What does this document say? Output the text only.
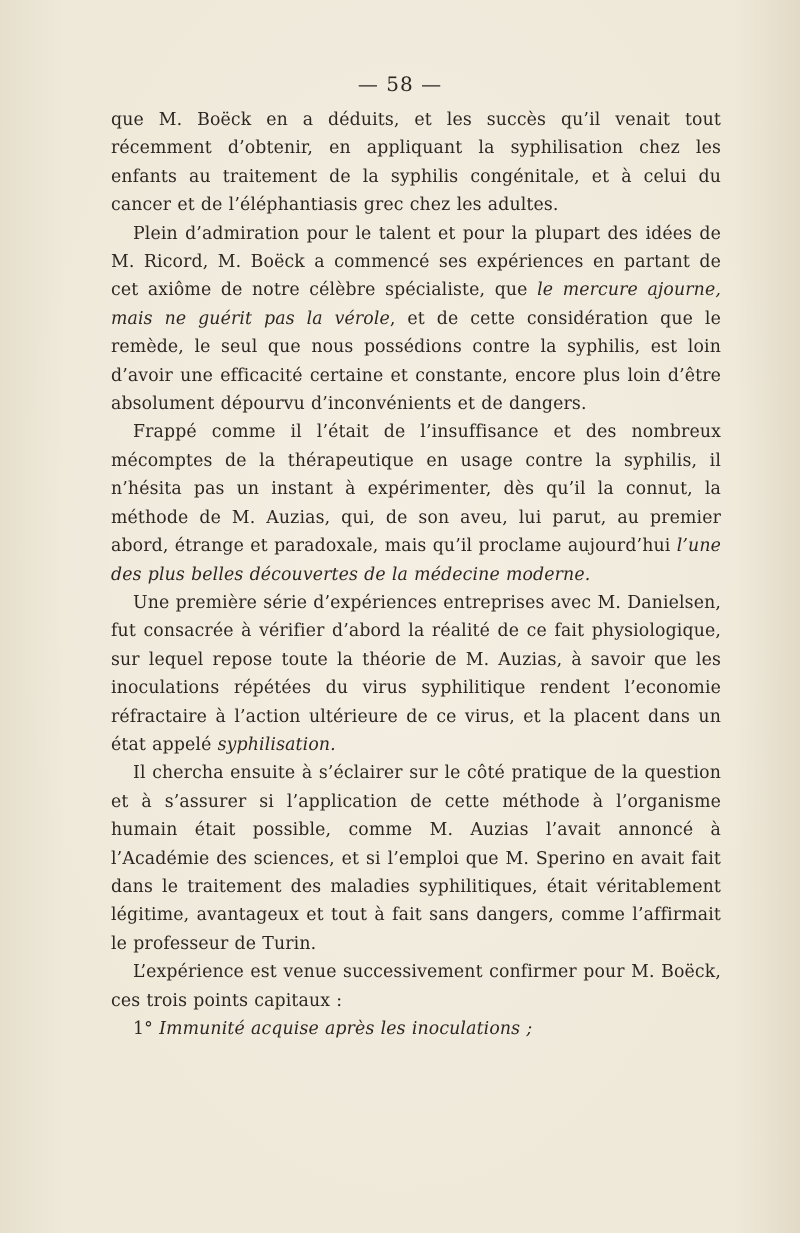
— 58 —

que M. Boëck en a déduits, et les succès qu’il venait tout récemment d’obtenir, en appliquant la syphilisation chez les enfants au traitement de la syphilis congénitale, et à celui du cancer et de l’éléphantiasis grec chez les adultes.

Plein d’admiration pour le talent et pour la plupart des idées de M. Ricord, M. Boëck a commencé ses expériences en partant de cet axiôme de notre célèbre spécialiste, que le mercure ajourne, mais ne guérit pas la vérole, et de cette considération que le remède, le seul que nous possédions contre la syphilis, est loin d’avoir une efficacité certaine et constante, encore plus loin d’être absolument dépourvu d’inconvénients et de dangers.

Frappé comme il l’était de l’insuffisance et des nombreux mécomptes de la thérapeutique en usage contre la syphilis, il n’hésita pas un instant à expérimenter, dès qu’il la connut, la méthode de M. Auzias, qui, de son aveu, lui parut, au premier abord, étrange et paradoxale, mais qu’il proclame aujourd’hui l’une des plus belles découvertes de la médecine moderne.

Une première série d’expériences entreprises avec M. Danielsen, fut consacrée à vérifier d’abord la réalité de ce fait physiologique, sur lequel repose toute la théorie de M. Auzias, à savoir que les inoculations répétées du virus syphilitique rendent l’economie réfractaire à l’action ultérieure de ce virus, et la placent dans un état appelé syphilisation.

Il chercha ensuite à s’éclairer sur le côté pratique de la question et à s’assurer si l’application de cette méthode à l’organisme humain était possible, comme M. Auzias l’avait annoncé à l’Académie des sciences, et si l’emploi que M. Sperino en avait fait dans le traitement des maladies syphilitiques, était véritablement légitime, avantageux et tout à fait sans dangers, comme l’affirmait le professeur de Turin.

L’expérience est venue successivement confirmer pour M. Boëck, ces trois points capitaux :

1° Immunité acquise après les inoculations ;
